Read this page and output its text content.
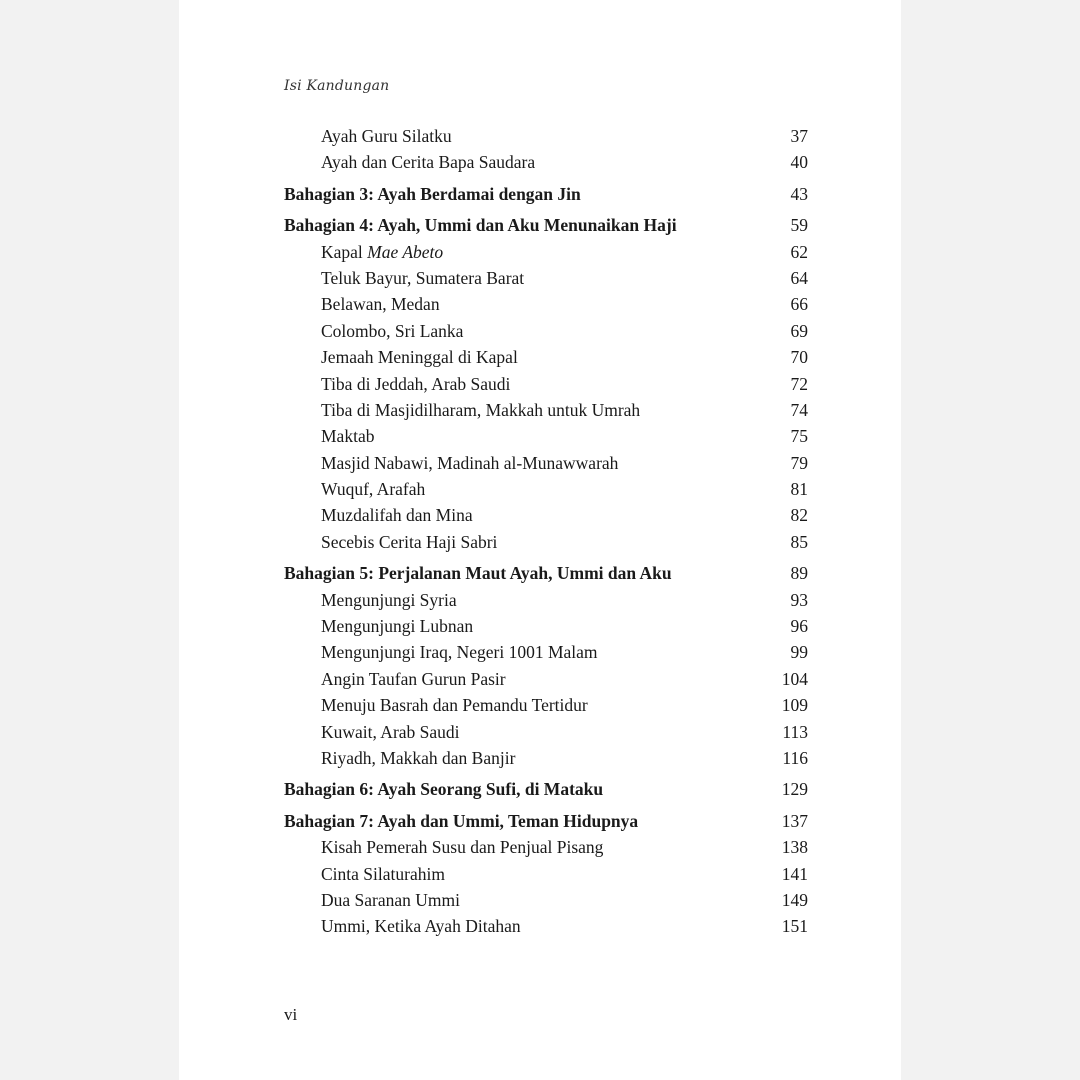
Isi Kandungan
Ayah Guru Silatku	37
Ayah dan Cerita Bapa Saudara	40
Bahagian 3: Ayah Berdamai dengan Jin	43
Bahagian 4: Ayah, Ummi dan Aku Menunaikan Haji	59
Kapal Mae Abeto	62
Teluk Bayur, Sumatera Barat	64
Belawan, Medan	66
Colombo, Sri Lanka	69
Jemaah Meninggal di Kapal	70
Tiba di Jeddah, Arab Saudi	72
Tiba di Masjidilharam, Makkah untuk Umrah	74
Maktab	75
Masjid Nabawi, Madinah al-Munawwarah	79
Wuquf, Arafah	81
Muzdalifah dan Mina	82
Secebis Cerita Haji Sabri	85
Bahagian 5: Perjalanan Maut Ayah, Ummi dan Aku	89
Mengunjungi Syria	93
Mengunjungi Lubnan	96
Mengunjungi Iraq, Negeri 1001 Malam	99
Angin Taufan Gurun Pasir	104
Menuju Basrah dan Pemandu Tertidur	109
Kuwait, Arab Saudi	113
Riyadh, Makkah dan Banjir	116
Bahagian 6: Ayah Seorang Sufi, di Mataku	129
Bahagian 7: Ayah dan Ummi, Teman Hidupnya	137
Kisah Pemerah Susu dan Penjual Pisang	138
Cinta Silaturahim	141
Dua Saranan Ummi	149
Ummi, Ketika Ayah Ditahan	151
vi
